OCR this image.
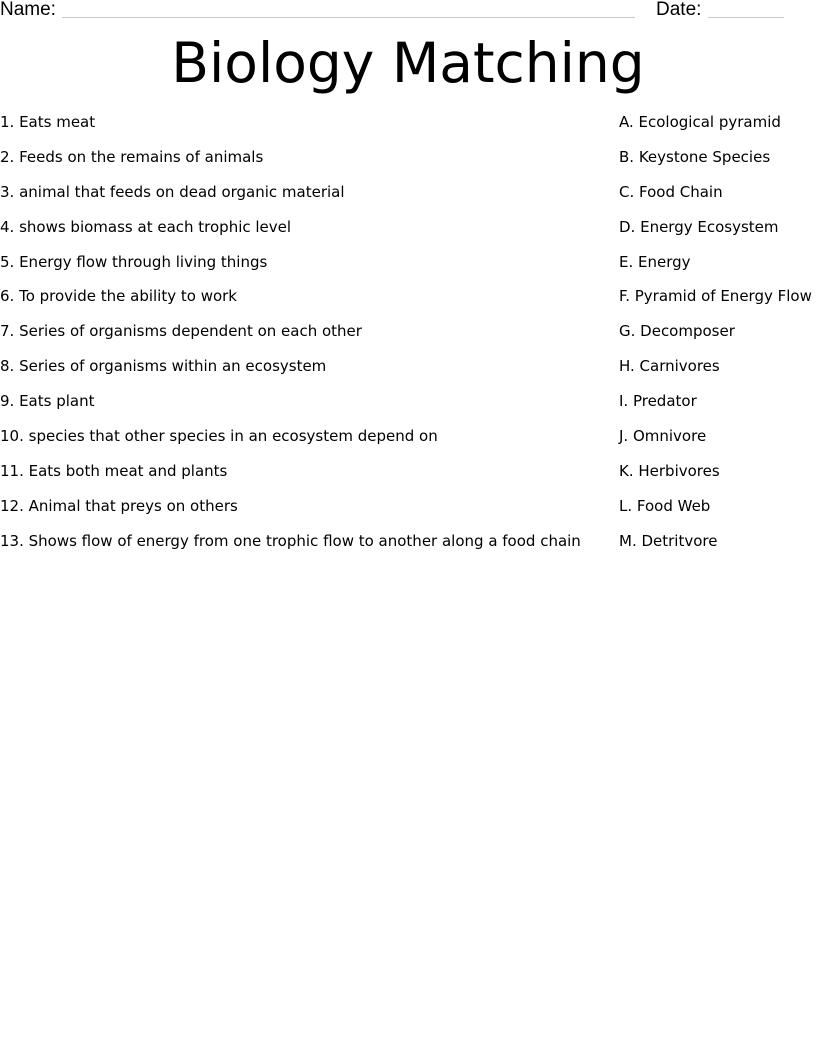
Name:	Date:
Biology Matching
1. Eats meat
2. Feeds on the remains of animals
3. animal that feeds on dead organic material
4. shows biomass at each trophic level
5. Energy flow through living things
6. To provide the ability to work
7. Series of organisms dependent on each other
8. Series of organisms within an ecosystem
9. Eats plant
10. species that other species in an ecosystem depend on
11. Eats both meat and plants
12. Animal that preys on others
13. Shows flow of energy from one trophic flow to another along a food chain
A. Ecological pyramid
B. Keystone Species
C. Food Chain
D. Energy Ecosystem
E. Energy
F. Pyramid of Energy Flow
G. Decomposer
H. Carnivores
I. Predator
J. Omnivore
K. Herbivores
L. Food Web
M. Detritvore
